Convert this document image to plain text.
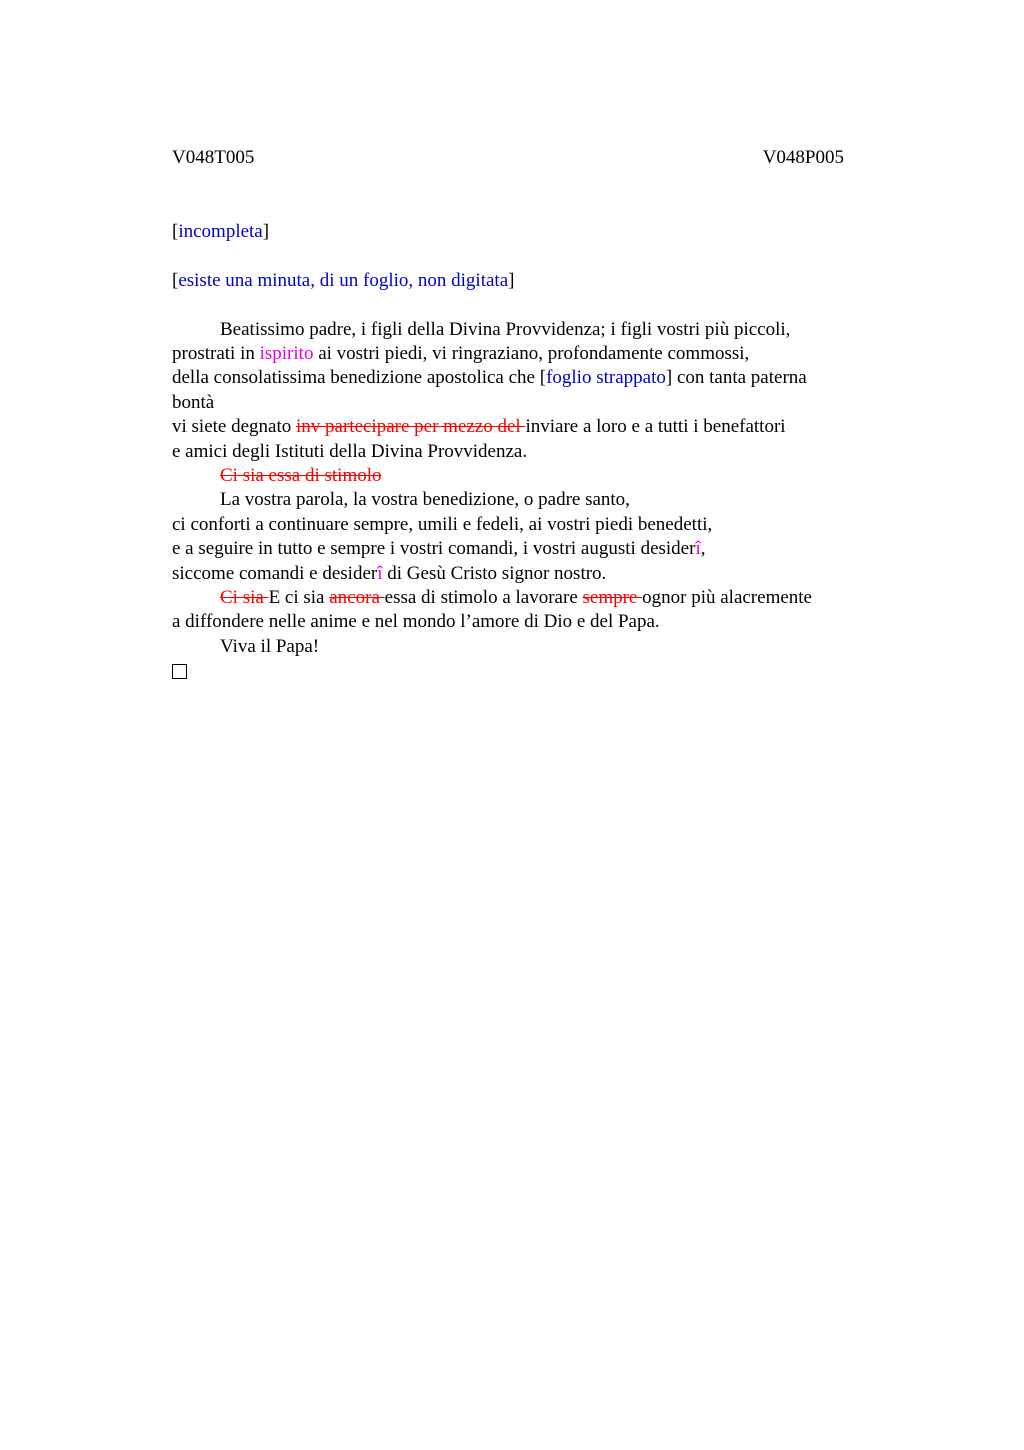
V048T005	V048P005

[incompleta]

[esiste una minuta, di un foglio, non digitata]

Beatissimo padre, i figli della Divina Provvidenza; i figli vostri più piccoli,

prostrati in ispirito ai vostri piedi, vi ringraziano, profondamente commossi,

della consolatissima benedizione apostolica che [foglio strappato] con tanta paterna

bontà

vi siete degnato inv partecipare per mezzo del inviare a loro e a tutti i benefattori

e amici degli Istituti della Divina Provvidenza.

Ci sia essa di stimolo

La vostra parola, la vostra benedizione, o padre santo,

ci conforti a continuare sempre, umili e fedeli, ai vostri piedi benedetti,

e a seguire in tutto e sempre i vostri comandi, i vostri augusti desiderî,

siccome comandi e desiderî di Gesù Cristo signor nostro.

Ci sia E ci sia ancora essa di stimolo a lavorare sempre ognor più alacremente

a diffondere nelle anime e nel mondo l’amore di Dio e del Papa.

Viva il Papa!
